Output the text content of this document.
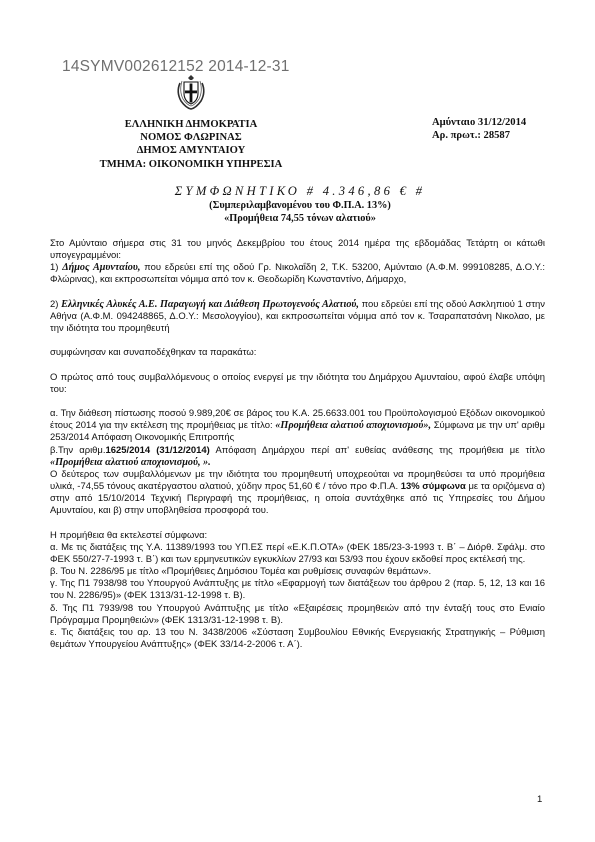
14SYMV002612152 2014-12-31
ΕΛΛΗΝΙΚΗ ΔΗΜΟΚΡΑΤΙΑ
ΝΟΜΟΣ ΦΛΩΡΙΝΑΣ
ΔΗΜΟΣ ΑΜΥΝΤΑΙΟΥ
ΤΜΗΜΑ: ΟΙΚΟΝΟΜΙΚΗ ΥΠΗΡΕΣΙΑ
Αμύνταιο 31/12/2014
Αρ. πρωτ.: 28587
ΣΥΜΦΩΝΗΤΙΚΟ # 4.346,86 € #
(Συμπεριλαμβανομένου του Φ.Π.Α. 13%)
«Προμήθεια 74,55 τόνων αλατιού»

Στο Αμύνταιο σήμερα στις 31 του μηνός Δεκεμβρίου του έτους 2014 ημέρα της εβδομάδας Τετάρτη οι κάτωθι υπογεγραμμένοι:

1) Δήμος Αμυνταίου, που εδρεύει επί της οδού Γρ. Νικολαΐδη 2, Τ.Κ. 53200, Αμύνταιο (Α.Φ.Μ. 999108285, Δ.Ο.Υ.: Φλώρινας), και εκπροσωπείται νόμιμα από τον κ. Θεοδωρίδη Κωνσταντίνο, Δήμαρχο,

2) Ελληνικές Αλυκές Α.Ε. Παραγωγή και Διάθεση Πρωτογενούς Αλατιού, που εδρεύει επί της οδού Ασκληπιού 1 στην Αθήνα (Α.Φ.Μ. 094248865, Δ.Ο.Υ.: Μεσολογγίου), και εκπροσωπείται νόμιμα από τον κ. Τσαραπατσάνη Νικολαο, με την ιδιότητα του προμηθευτή

συμφώνησαν και συναποδέχθηκαν τα παρακάτω:

Ο πρώτος από τους συμβαλλόμενους ο οποίος ενεργεί με την ιδιότητα του Δημάρχου Αμυνταίου, αφού έλαβε υπόψη του:

α. Την διάθεση πίστωσης ποσού 9.989,20€ σε βάρος του Κ.Α. 25.6633.001 του Προϋπολογισμού Εξόδων οικονομικού έτους 2014 για την εκτέλεση της προμήθειας με τίτλο: «Προμήθεια αλατιού αποχιονισμού», Σύμφωνα με την υπ' αριθμ 253/2014 Απόφαση Οικονομικής Επιτροπής

β.Την αριθμ.1625/2014 (31/12/2014) Απόφαση Δημάρχου περί απ' ευθείας ανάθεσης της προμήθεια με τίτλο «Προμήθεια αλατιού αποχιονισμού, ».

Ο δεύτερος των συμβαλλόμενων με την ιδιότητα του προμηθευτή υποχρεούται να προμηθεύσει τα υπό προμήθεια υλικά, -74,55 τόνους ακατέργαστου αλατιού, χύδην προς 51,60 € / τόνο προ Φ.Π.Α. 13% σύμφωνα με τα οριζόμενα α) στην από 15/10/2014 Τεχνική Περιγραφή της προμήθειας, η οποία συντάχθηκε από τις Υπηρεσίες του Δήμου Αμυνταίου, και β) στην υποβληθείσα προσφορά του.

Η προμήθεια θα εκτελεστεί σύμφωνα:

α. Με τις διατάξεις της Υ.Α. 11389/1993 του ΥΠ.ΕΣ περί «Ε.Κ.Π.ΟΤΑ» (ΦΕΚ 185/23-3-1993 τ. Β΄ – Διόρθ. Σφάλμ. στο ΦΕΚ 550/27-7-1993 τ. Β΄) και των ερμηνευτικών εγκυκλίων 27/93 και 53/93 που έχουν εκδοθεί προς εκτέλεσή της.

β. Του Ν. 2286/95 με τίτλο «Προμήθειες Δημόσιου Τομέα και ρυθμίσεις συναφών θεμάτων».

γ. Της Π1 7938/98 του Υπουργού Ανάπτυξης με τίτλο «Εφαρμογή των διατάξεων του άρθρου 2 (παρ. 5, 12, 13 και 16 του Ν. 2286/95)» (ΦΕΚ 1313/31-12-1998 τ. Β).

δ. Της Π1 7939/98 του Υπουργού Ανάπτυξης με τίτλο «Εξαιρέσεις προμηθειών από την ένταξή τους στο Ενιαίο Πρόγραμμα Προμηθειών» (ΦΕΚ 1313/31-12-1998 τ. Β).

ε. Τις διατάξεις του αρ. 13 του Ν. 3438/2006 «Σύσταση Συμβουλίου Εθνικής Ενεργειακής Στρατηγικής – Ρύθμιση θεμάτων Υπουργείου Ανάπτυξης» (ΦΕΚ 33/14-2-2006 τ. Α΄).

1
